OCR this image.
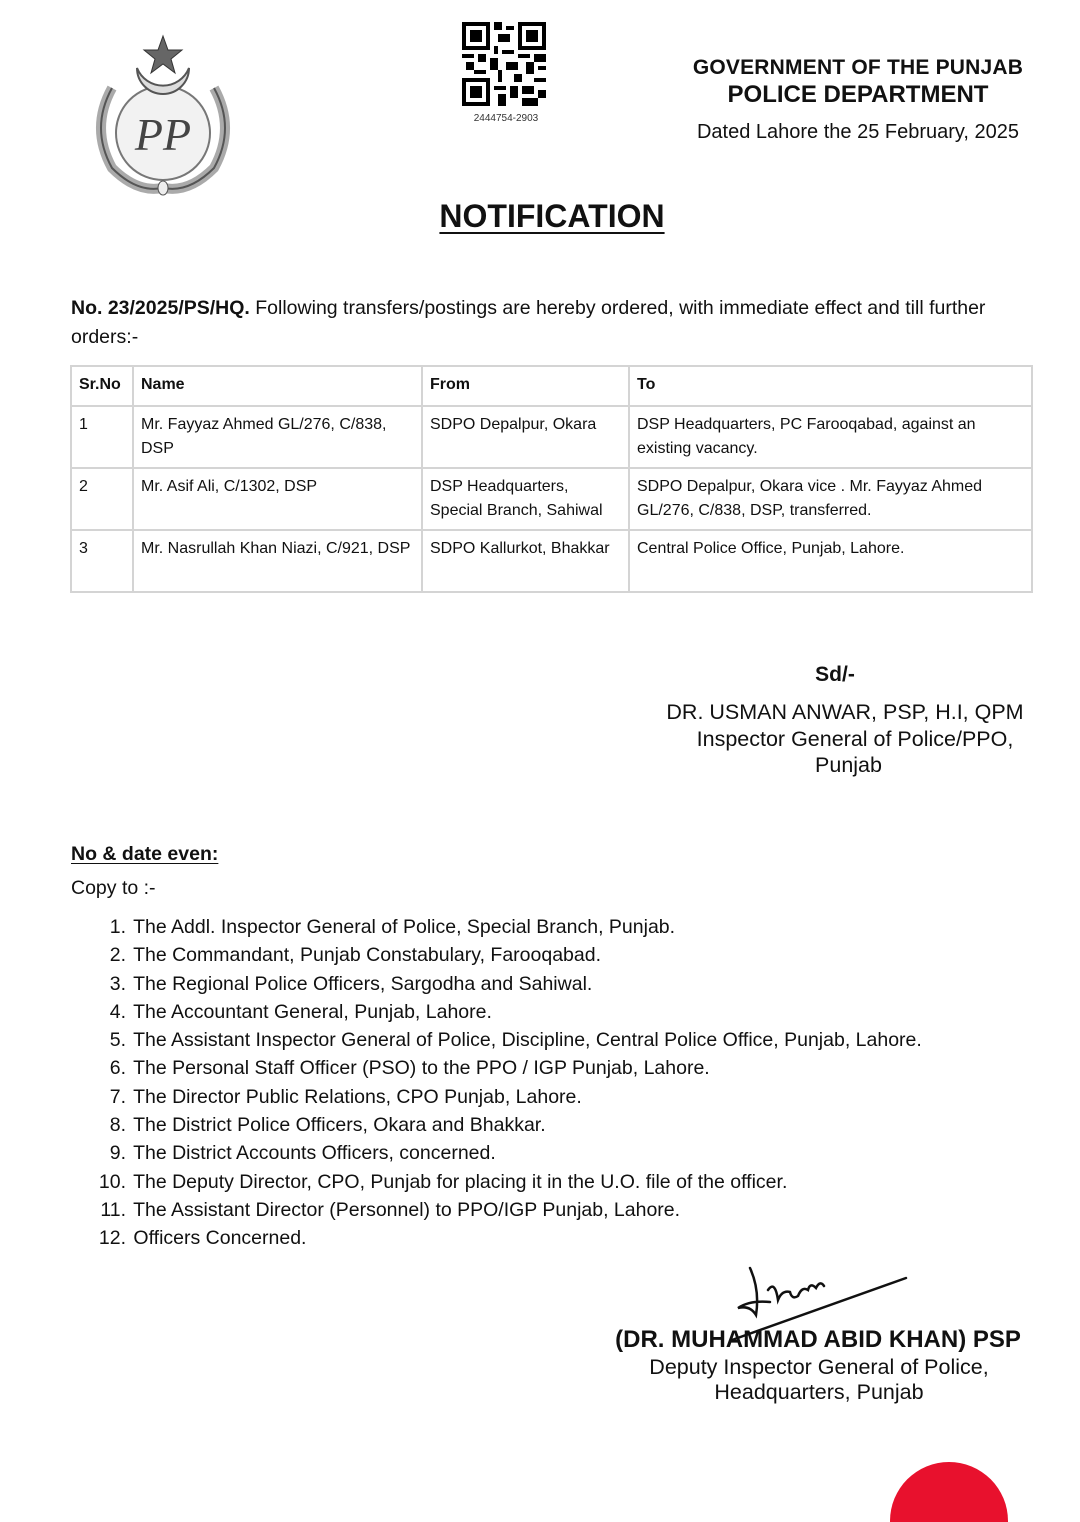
PP	2444754-2903
GOVERNMENT OF THE PUNJAB
POLICE DEPARTMENT
Dated Lahore the 25 February, 2025
NOTIFICATION
No. 23/2025/PS/HQ. Following transfers/postings are hereby ordered, with immediate effect and till further orders:-
Sr.No	Name	From	To
1	Mr. Fayyaz Ahmed GL/276, C/838, DSP	SDPO Depalpur, Okara	DSP Headquarters, PC Farooqabad, against an existing vacancy.
2	Mr. Asif Ali, C/1302, DSP	DSP Headquarters, Special Branch, Sahiwal	SDPO Depalpur, Okara vice . Mr. Fayyaz Ahmed GL/276, C/838, DSP, transferred.
3	Mr. Nasrullah Khan Niazi, C/921, DSP	SDPO Kallurkot, Bhakkar	Central Police Office, Punjab, Lahore.
Sd/-
DR. USMAN ANWAR, PSP, H.I, QPM
Inspector General of Police/PPO,
Punjab
No & date even:
Copy to :-
1. The Addl. Inspector General of Police, Special Branch, Punjab.
2. The Commandant, Punjab Constabulary, Farooqabad.
3. The Regional Police Officers, Sargodha and Sahiwal.
4. The Accountant General, Punjab, Lahore.
5. The Assistant Inspector General of Police, Discipline, Central Police Office, Punjab, Lahore.
6. The Personal Staff Officer (PSO) to the PPO / IGP Punjab, Lahore.
7. The Director Public Relations, CPO Punjab, Lahore.
8. The District Police Officers, Okara and Bhakkar.
9. The District Accounts Officers, concerned.
10. The Deputy Director, CPO, Punjab for placing it in the U.O. file of the officer.
11. The Assistant Director (Personnel) to PPO/IGP Punjab, Lahore.
12. Officers Concerned.
(DR. MUHAMMAD ABID KHAN) PSP
Deputy Inspector General of Police,
Headquarters, Punjab
